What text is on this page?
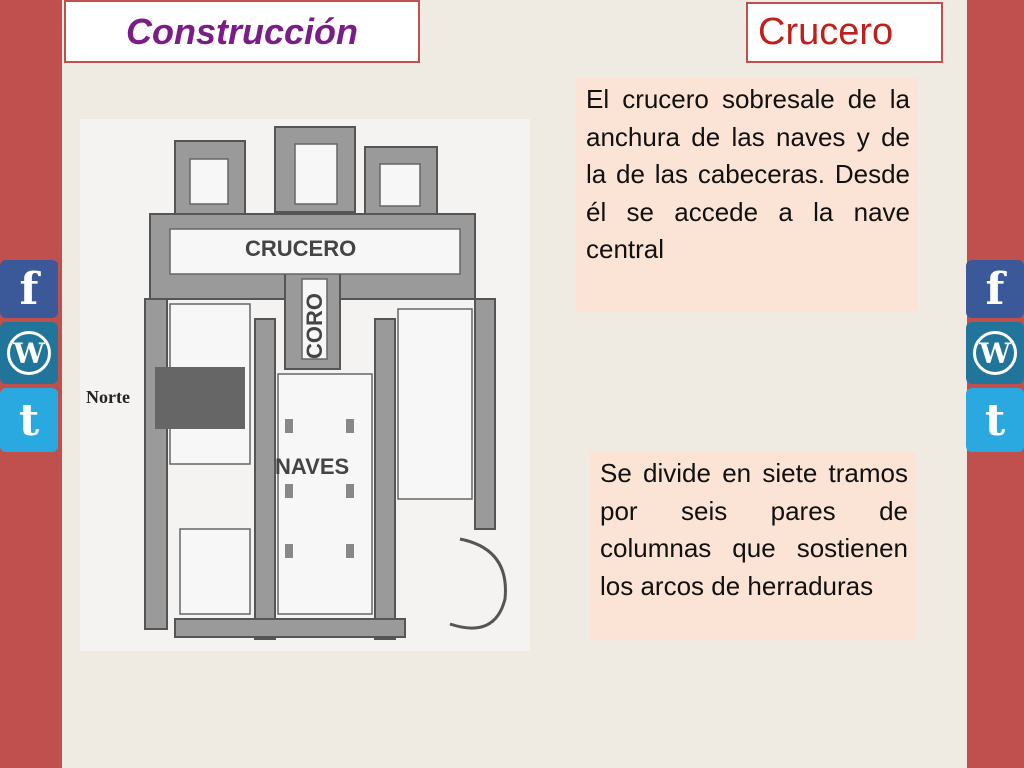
Construcción	Crucero
El crucero sobresale de la anchura de las naves y de la de las cabeceras. Desde él se accede a la nave central
Se divide en siete tramos por seis pares de columnas que sostienen los arcos de herraduras
CRUCERO
CORO
NAVES
Norte
f
W
t
f
W
t
